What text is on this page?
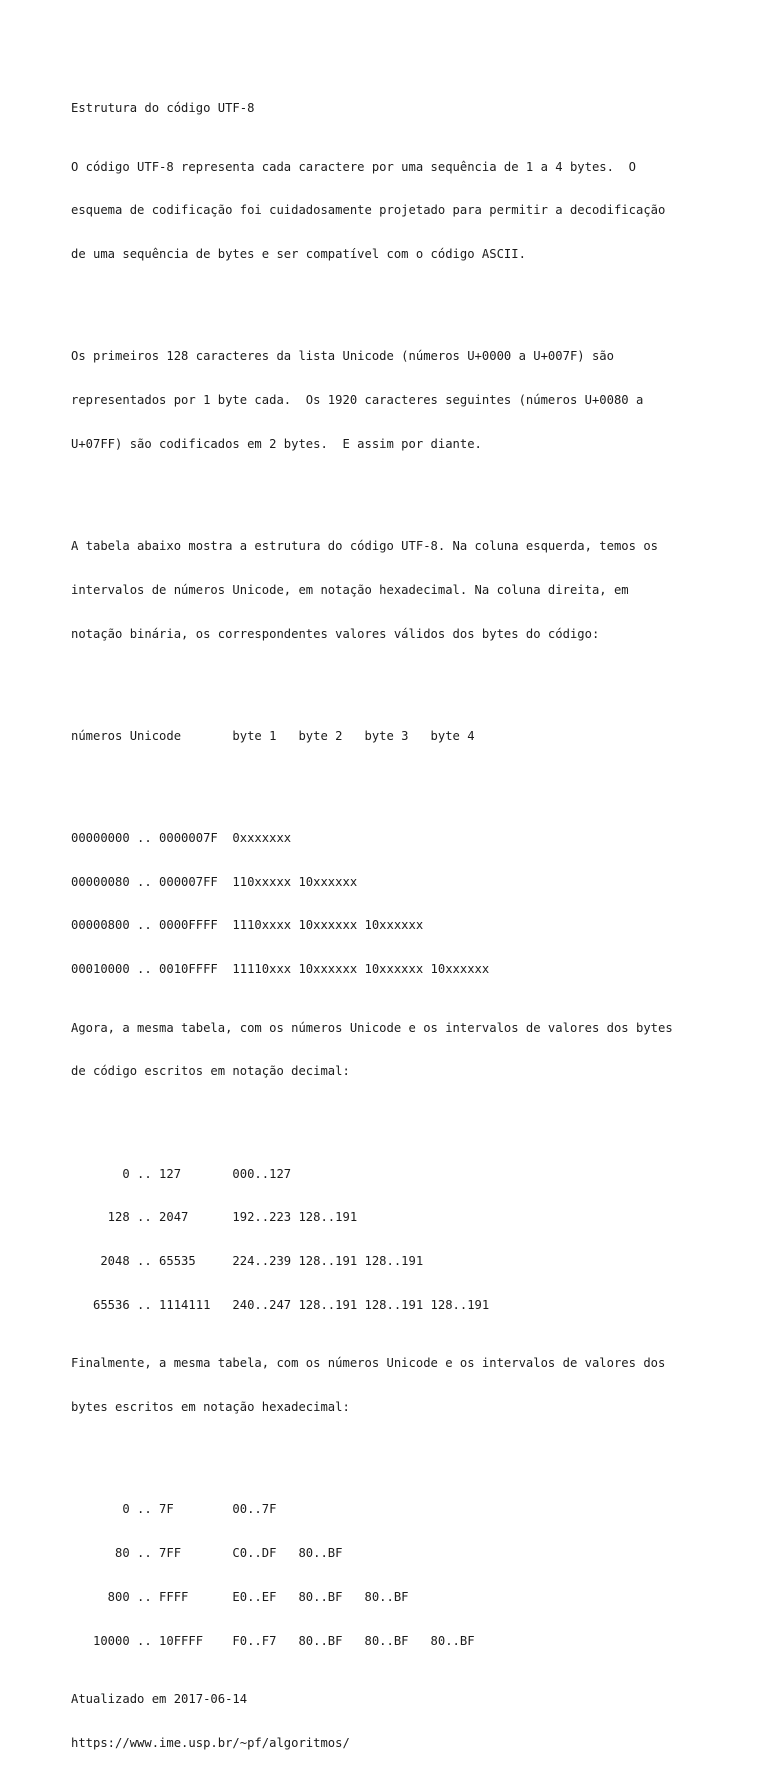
Estrutura do código UTF-8

O código UTF-8 representa cada caractere por uma sequência de 1 a 4 bytes.  O

esquema de codificação foi cuidadosamente projetado para permitir a decodificação

de uma sequência de bytes e ser compatível com o código ASCII.

Os primeiros 128 caracteres da lista Unicode (números U+0000 a U+007F) são

representados por 1 byte cada.  Os 1920 caracteres seguintes (números U+0080 a

U+07FF) são codificados em 2 bytes.  E assim por diante.

A tabela abaixo mostra a estrutura do código UTF-8. Na coluna esquerda, temos os

intervalos de números Unicode, em notação hexadecimal. Na coluna direita, em

notação binária, os correspondentes valores válidos dos bytes do código:

números Unicode       byte 1   byte 2   byte 3   byte 4

00000000 .. 0000007F  0xxxxxxx

00000080 .. 000007FF  110xxxxx 10xxxxxx

00000800 .. 0000FFFF  1110xxxx 10xxxxxx 10xxxxxx

00010000 .. 0010FFFF  11110xxx 10xxxxxx 10xxxxxx 10xxxxxx

Agora, a mesma tabela, com os números Unicode e os intervalos de valores dos bytes

de código escritos em notação decimal:

0 .. 127       000..127

128 .. 2047      192..223 128..191

2048 .. 65535     224..239 128..191 128..191

65536 .. 1114111   240..247 128..191 128..191 128..191

Finalmente, a mesma tabela, com os números Unicode e os intervalos de valores dos

bytes escritos em notação hexadecimal:

0 .. 7F        00..7F

80 .. 7FF       C0..DF   80..BF

800 .. FFFF      E0..EF   80..BF   80..BF

10000 .. 10FFFF    F0..F7   80..BF   80..BF   80..BF

Atualizado em 2017-06-14

https://www.ime.usp.br/~pf/algoritmos/
